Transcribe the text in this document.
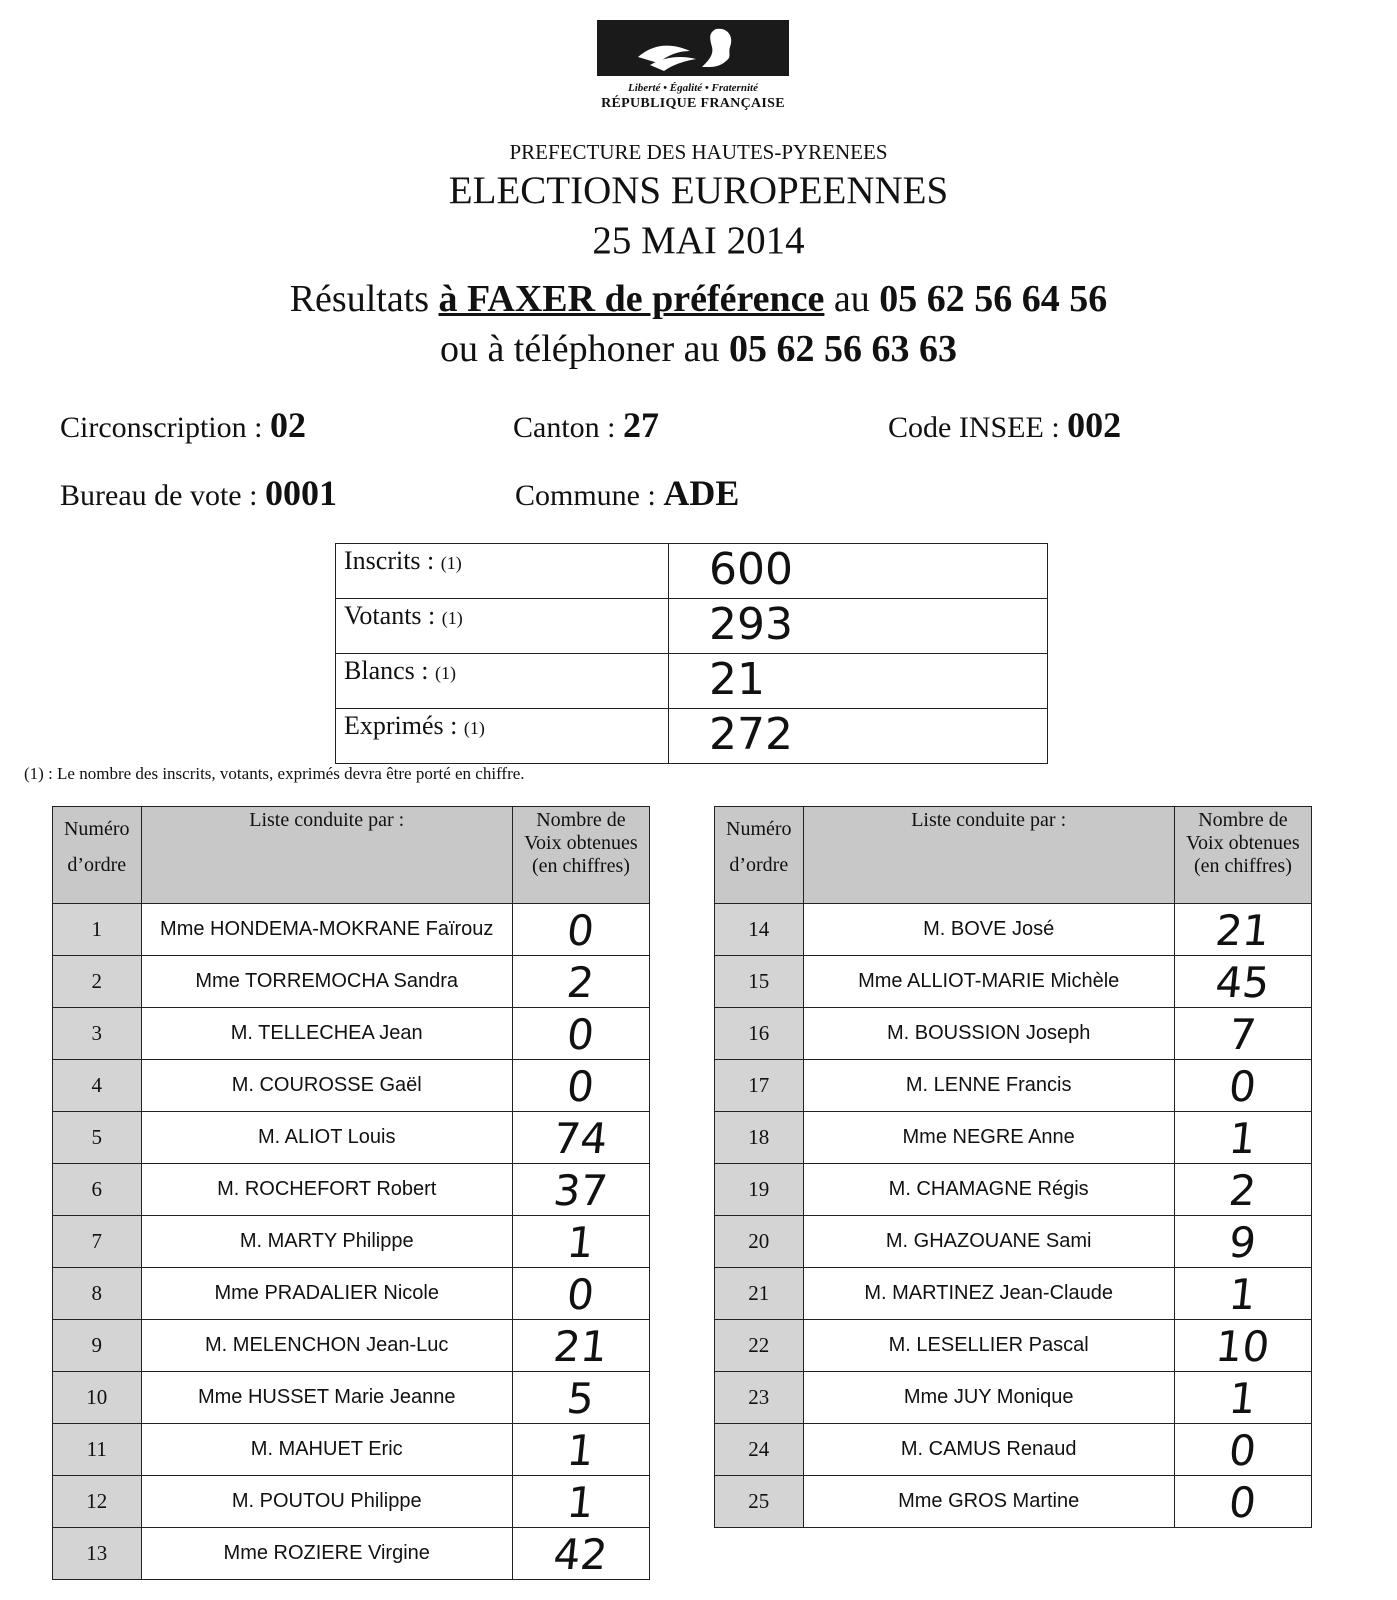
Liberté • Égalité • Fraternité
RÉPUBLIQUE FRANÇAISE
PREFECTURE DES HAUTES-PYRENEES
ELECTIONS EUROPEENNES
25 MAI 2014
Résultats à FAXER de préférence au 05 62 56 64 56
ou à téléphoner au 05 62 56 63 63
Circonscription : 02	Canton : 27	Code INSEE : 002
Bureau de vote : 0001	Commune : ADE
Inscrits : (1)	600
Votants : (1)	293
Blancs : (1)	21
Exprimés : (1)	272
(1) : Le nombre des inscrits, votants, exprimés devra être porté en chiffre.
Numéro d’ordre	Liste conduite par :	Nombre de Voix obtenues (en chiffres)
1	Mme HONDEMA-MOKRANE Faïrouz	0
2	Mme TORREMOCHA Sandra	2
3	M. TELLECHEA Jean	0
4	M. COUROSSE Gaël	0
5	M. ALIOT Louis	74
6	M. ROCHEFORT Robert	37
7	M. MARTY Philippe	1
8	Mme PRADALIER Nicole	0
9	M. MELENCHON Jean-Luc	21
10	Mme HUSSET Marie Jeanne	5
11	M. MAHUET Eric	1
12	M. POUTOU Philippe	1
13	Mme ROZIERE Virgine	42
Numéro d’ordre	Liste conduite par :	Nombre de Voix obtenues (en chiffres)
14	M. BOVE José	21
15	Mme ALLIOT-MARIE Michèle	45
16	M. BOUSSION Joseph	7
17	M. LENNE Francis	0
18	Mme NEGRE Anne	1
19	M. CHAMAGNE Régis	2
20	M. GHAZOUANE Sami	9
21	M. MARTINEZ Jean-Claude	1
22	M. LESELLIER Pascal	10
23	Mme JUY Monique	1
24	M. CAMUS Renaud	0
25	Mme GROS Martine	0
